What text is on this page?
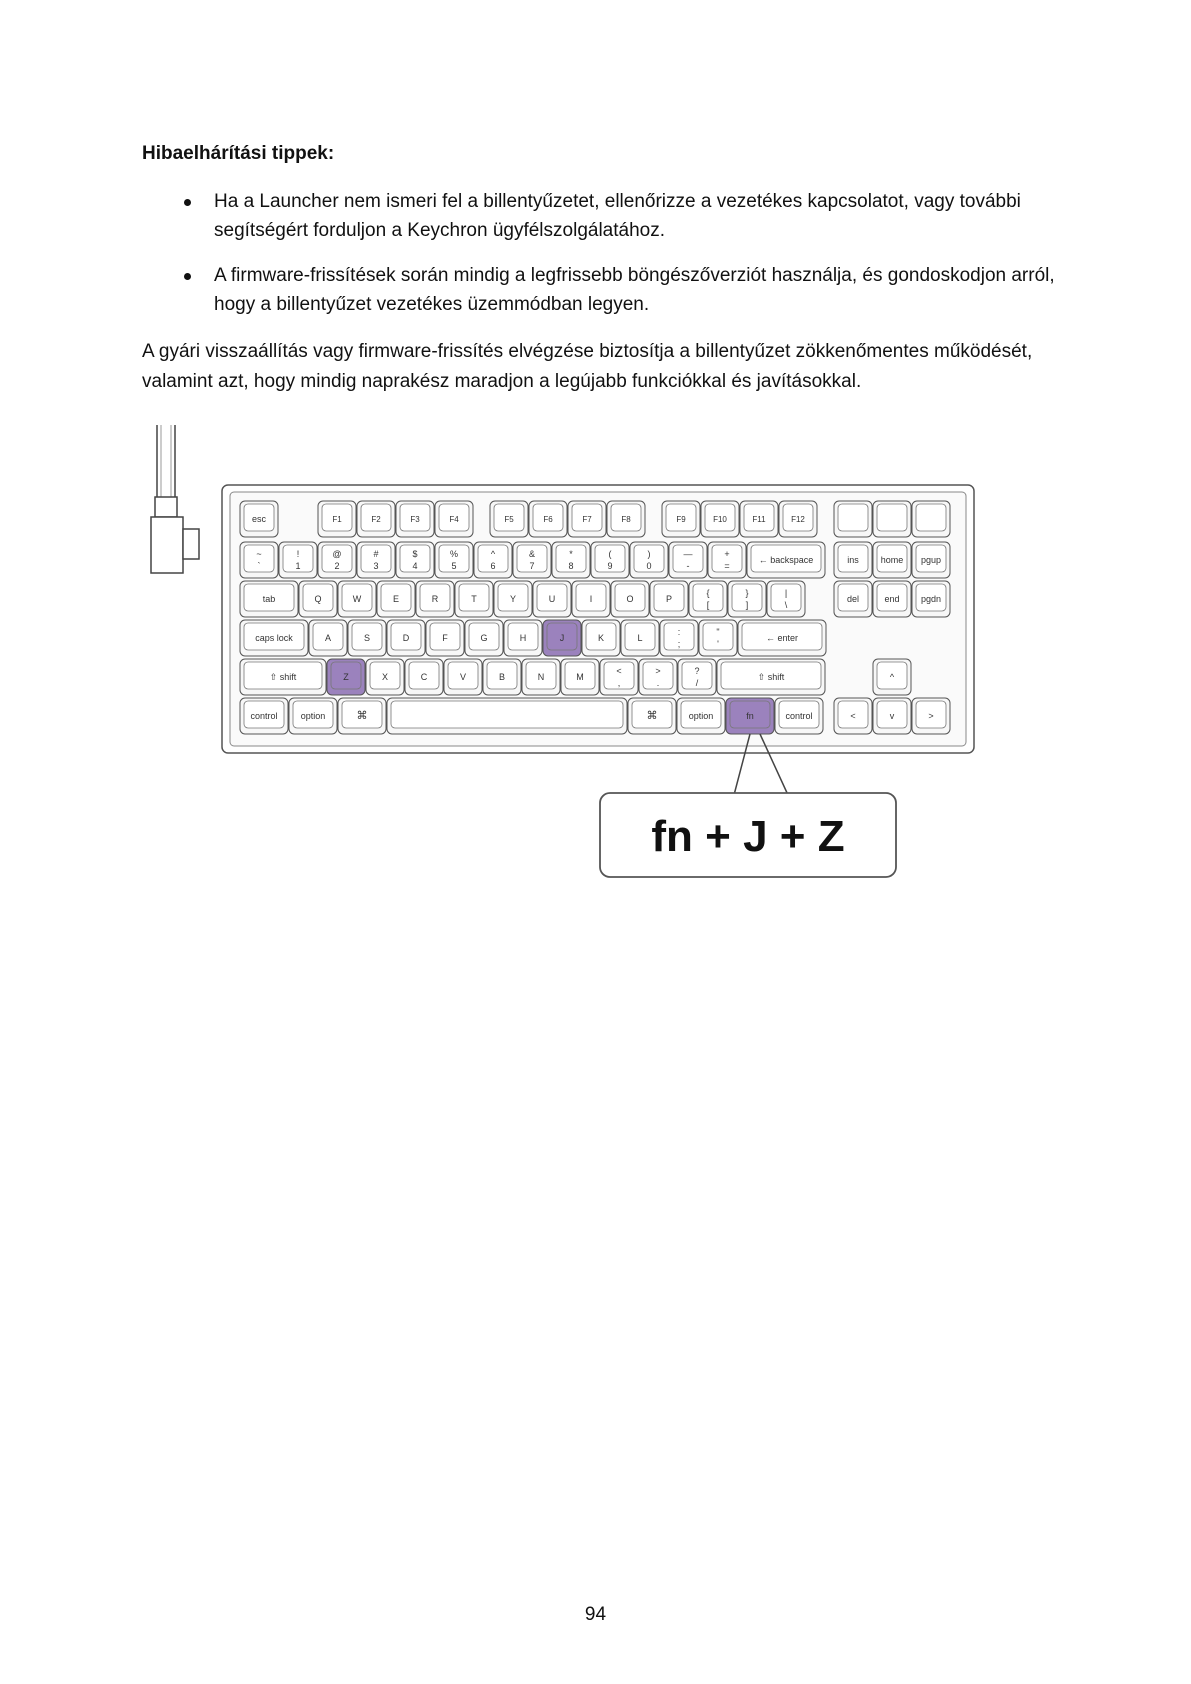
Hibaelhárítási tippek:
Ha a Launcher nem ismeri fel a billentyűzetet, ellenőrizze a vezetékes kapcsolatot, vagy további segítségért forduljon a Keychron ügyfélszolgálatához.
A firmware-frissítések során mindig a legfrissebb böngészőverziót használja, és gondoskodjon arról, hogy a billentyűzet vezetékes üzemmódban legyen.

A gyári visszaállítás vagy firmware-frissítés elvégzése biztosítja a billentyűzet zökkenőmentes működését, valamint azt, hogy mindig naprakész maradjon a legújabb funkciókkal és javításokkal.

esc	F1	F2	F3	F4	F5	F6	F7	F8	F9	F10	F11	F12
~
`
!
1
@
2
#
3
$
4
%
5
^
6
&
7
*
8
(
9
)
0
—
-
+
=
← backspace	ins home pgup
tab	Q	W	E	R	T	Y	U	I	O	P
{
[
}
]
|
\
del	end pgdn
caps lock	A	S	D	F	G	H	J	K	L
:
;
"
'
← enter
⇧ shift	Z	X	C	V	B	N	M
<
,
>
.
?
/
⇧ shift	^
control	option	⌘	⌘	option	fn	control	<	v	>
fn + J + Z
94
